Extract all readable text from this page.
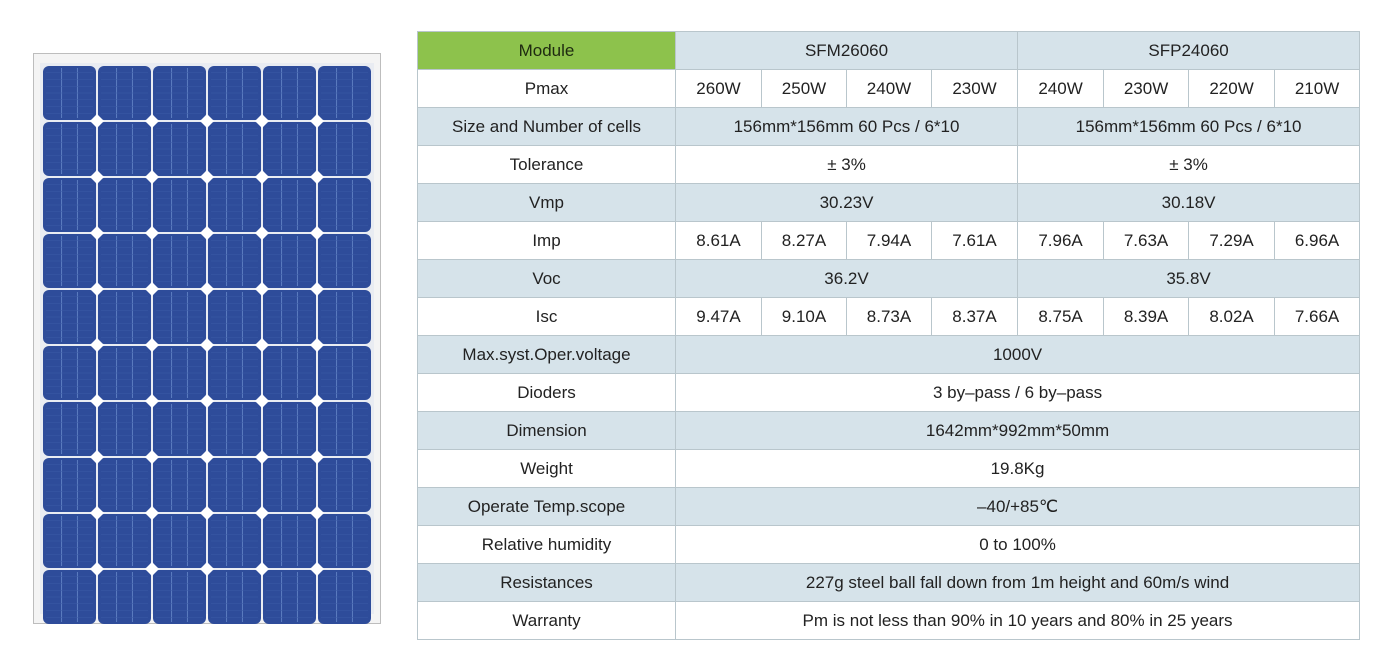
Module	SFM26060				SFP24060			
Pmax	260W	250W	240W	230W	240W	230W	220W	210W
Size and Number of cells	156mm*156mm 60 Pcs / 6*10				156mm*156mm 60 Pcs / 6*10			
Tolerance	± 3%				± 3%			
Vmp	30.23V				30.18V			
Imp	8.61A	8.27A	7.94A	7.61A	7.96A	7.63A	7.29A	6.96A
Voc	36.2V				35.8V			
Isc	9.47A	9.10A	8.73A	8.37A	8.75A	8.39A	8.02A	7.66A
Max.syst.Oper.voltage	1000V							
Dioders	3 by–pass / 6 by–pass							
Dimension	1642mm*992mm*50mm							
Weight	19.8Kg							
Operate Temp.scope	–40/+85℃							
Relative humidity	0 to 100%							
Resistances	227g steel ball fall down from 1m height and 60m/s wind							
Warranty	Pm is not less than 90% in 10 years and 80% in 25 years							
